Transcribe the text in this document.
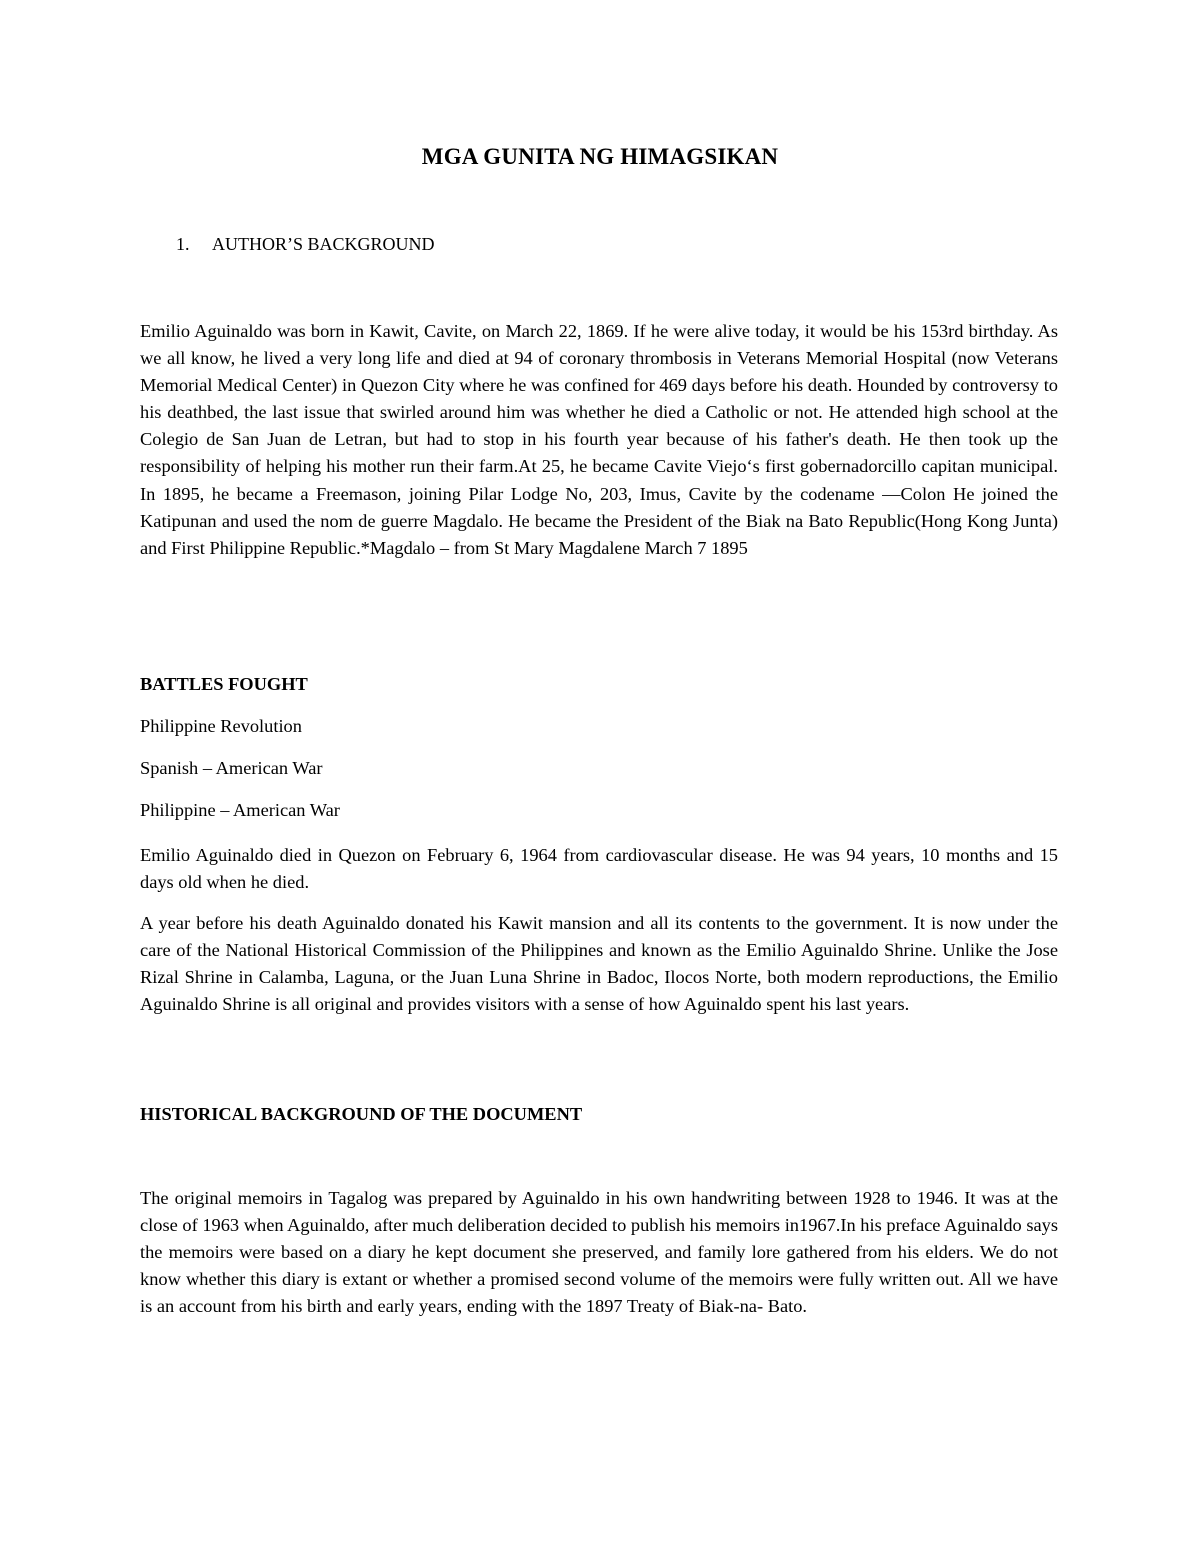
MGA GUNITA NG HIMAGSIKAN
1. AUTHOR’S BACKGROUND

Emilio Aguinaldo was born in Kawit, Cavite, on March 22, 1869. If he were alive today, it would be his 153rd birthday. As we all know, he lived a very long life and died at 94 of coronary thrombosis in Veterans Memorial Hospital (now Veterans Memorial Medical Center) in Quezon City where he was confined for 469 days before his death. Hounded by controversy to his deathbed, the last issue that swirled around him was whether he died a Catholic or not. He attended high school at the Colegio de San Juan de Letran, but had to stop in his fourth year because of his father's death. He then took up the responsibility of helping his mother run their farm.At 25, he became Cavite Viejo‘s first gobernadorcillo capitan municipal. In 1895, he became a Freemason, joining Pilar Lodge No, 203, Imus, Cavite by the codename —Colon He joined the Katipunan and used the nom de guerre Magdalo. He became the President of the Biak na Bato Republic(Hong Kong Junta) and First Philippine Republic.*Magdalo – from St Mary Magdalene March 7 1895

BATTLES FOUGHT

Philippine Revolution

Spanish – American War

Philippine – American War

Emilio Aguinaldo died in Quezon on February 6, 1964 from cardiovascular disease. He was 94 years, 10 months and 15 days old when he died.

A year before his death Aguinaldo donated his Kawit mansion and all its contents to the government. It is now under the care of the National Historical Commission of the Philippines and known as the Emilio Aguinaldo Shrine. Unlike the Jose Rizal Shrine in Calamba, Laguna, or the Juan Luna Shrine in Badoc, Ilocos Norte, both modern reproductions, the Emilio Aguinaldo Shrine is all original and provides visitors with a sense of how Aguinaldo spent his last years.

HISTORICAL BACKGROUND OF THE DOCUMENT

The original memoirs in Tagalog was prepared by Aguinaldo in his own handwriting between 1928 to 1946. It was at the close of 1963 when Aguinaldo, after much deliberation decided to publish his memoirs in1967.In his preface Aguinaldo says the memoirs were based on a diary he kept document she preserved, and family lore gathered from his elders. We do not know whether this diary is extant or whether a promised second volume of the memoirs were fully written out. All we have is an account from his birth and early years, ending with the 1897 Treaty of Biak-na- Bato.
